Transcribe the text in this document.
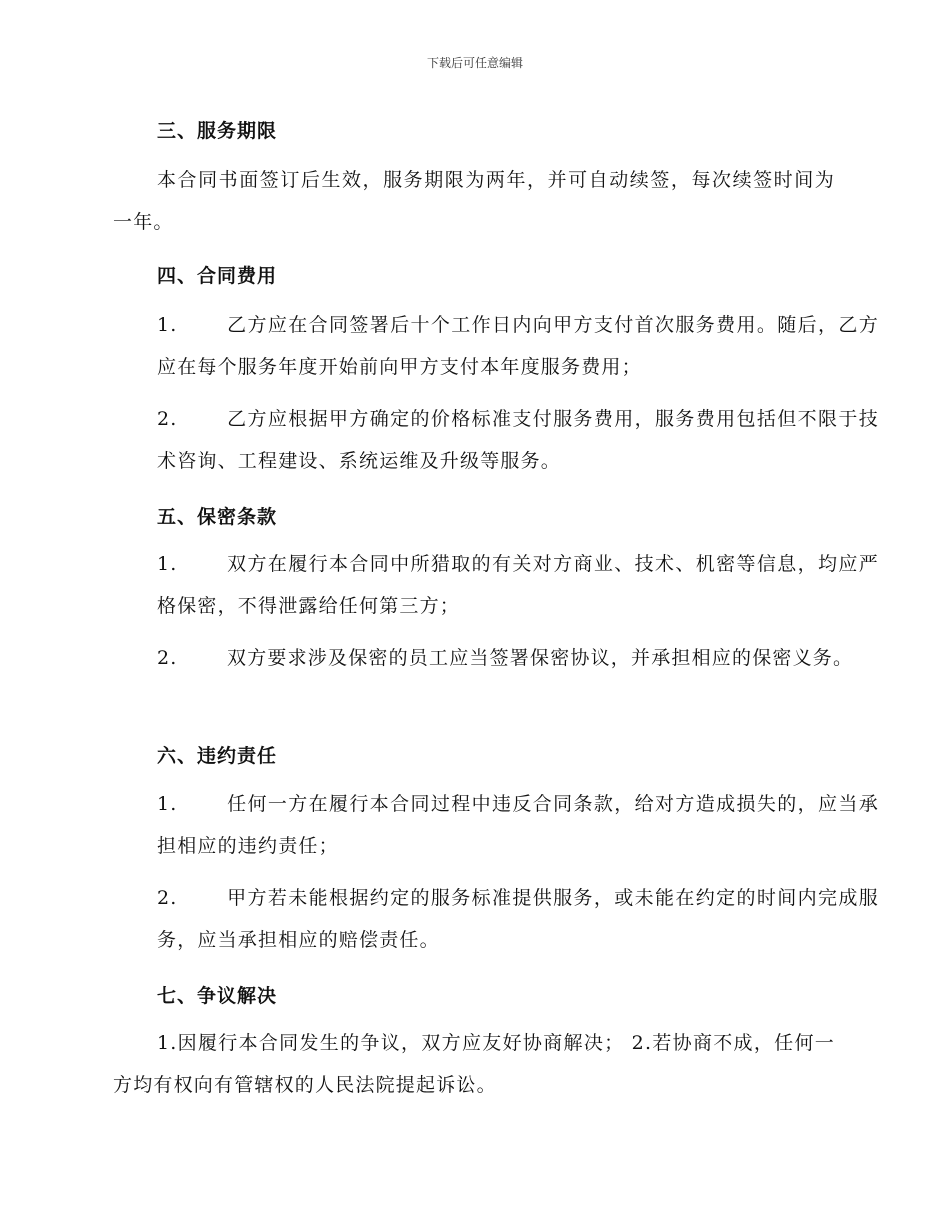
下载后可任意编辑
三、服务期限
本合同书面签订后生效，服务期限为两年，并可自动续签，每次续签时间为一年。
四、合同费用
1.	乙方应在合同签署后十个工作日内向甲方支付首次服务费用。随后，乙方应在每个服务年度开始前向甲方支付本年度服务费用；
2.	乙方应根据甲方确定的价格标准支付服务费用，服务费用包括但不限于技术咨询、工程建设、系统运维及升级等服务。
五、保密条款
1.	双方在履行本合同中所猎取的有关对方商业、技术、机密等信息，均应严格保密，不得泄露给任何第三方；
2.	双方要求涉及保密的员工应当签署保密协议，并承担相应的保密义务。
六、违约责任
1.	任何一方在履行本合同过程中违反合同条款，给对方造成损失的，应当承担相应的违约责任；
2.	甲方若未能根据约定的服务标准提供服务，或未能在约定的时间内完成服务，应当承担相应的赔偿责任。
七、争议解决
1.因履行本合同发生的争议，双方应友好协商解决； 2.若协商不成，任何一方均有权向有管辖权的人民法院提起诉讼。
